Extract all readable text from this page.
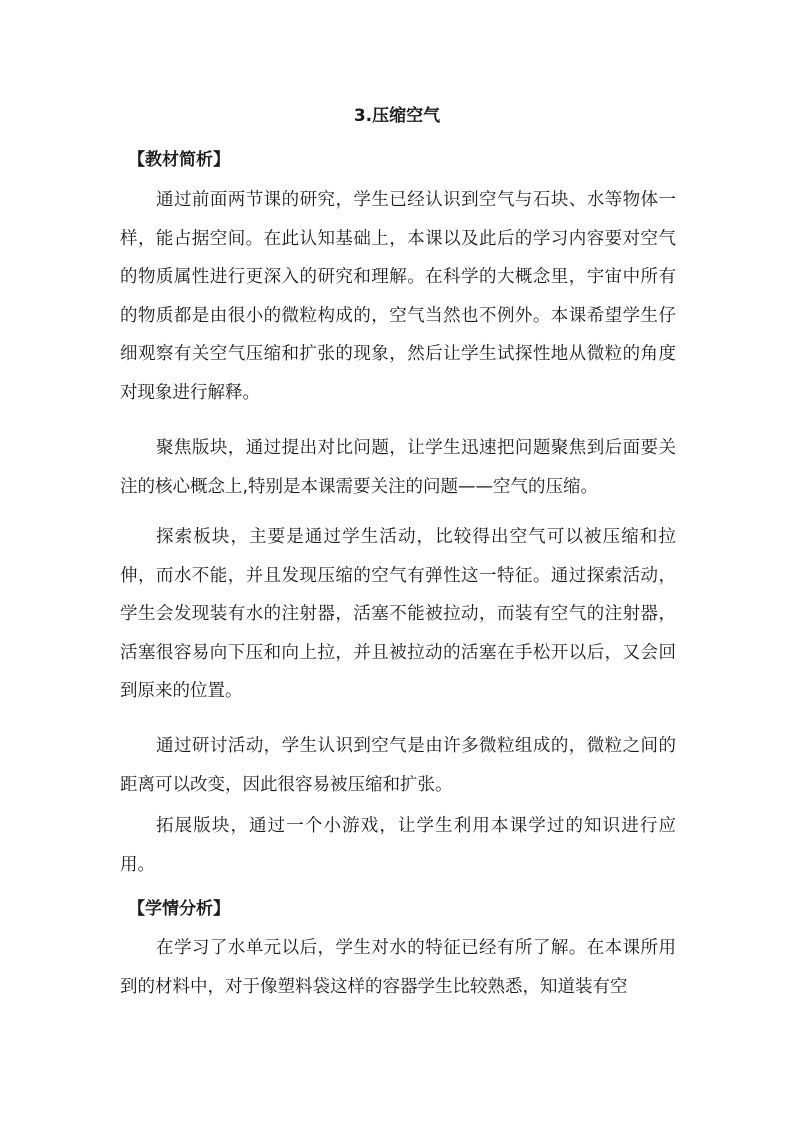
3.压缩空气
【教材简析】

通过前面两节课的研究，学生已经认识到空气与石块、水等物体一样，能占据空间。在此认知基础上，本课以及此后的学习内容要对空气的物质属性进行更深入的研究和理解。在科学的大概念里，宇宙中所有的物质都是由很小的微粒构成的，空气当然也不例外。本课希望学生仔细观察有关空气压缩和扩张的现象，然后让学生试探性地从微粒的角度对现象进行解释。

聚焦版块，通过提出对比问题，让学生迅速把问题聚焦到后面要关注的核心概念上,特别是本课需要关注的问题——空气的压缩。

探索板块，主要是通过学生活动，比较得出空气可以被压缩和拉伸，而水不能，并且发现压缩的空气有弹性这一特征。通过探索活动，学生会发现装有水的注射器，活塞不能被拉动，而装有空气的注射器，活塞很容易向下压和向上拉，并且被拉动的活塞在手松开以后，又会回到原来的位置。

通过研讨活动，学生认识到空气是由许多微粒组成的，微粒之间的距离可以改变，因此很容易被压缩和扩张。

拓展版块，通过一个小游戏，让学生利用本课学过的知识进行应用。

【学情分析】

在学习了水单元以后，学生对水的特征已经有所了解。在本课所用到的材料中，对于像塑料袋这样的容器学生比较熟悉，知道装有空
